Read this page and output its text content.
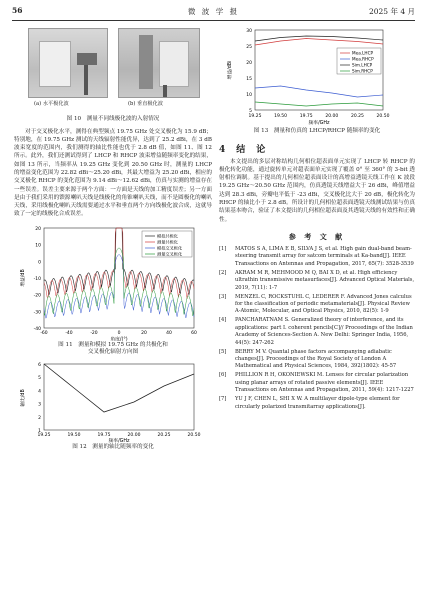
56	微 波 学 报	2025 年 4 月
(a) 水平极化波	(b) 垂直极化波
图 10　测量不同线极化波的入射情况

对于交叉极化水平，测得在典型频点 19.75 GHz 处交叉极化为 15.9 dB；特别地，在 19.75 GHz 测试的天线辐射性能优异，达到了 25.2 dBi，在 3 dB 波束宽度的范围内，我们测得的轴比性能也优于 2.8 dB 值，如图 11、图 12 所示。此外，我们还测试得到了 LHCP 和 RHCP 波束增益随频率变化的结果，如图 13 所示，当频率从 19.25 GHz 变化到 20.50 GHz 时，测量的 LHCP 的增益变化范围为 22.82 dBi～25.20 dBi，其最大增益为 25.20 dBi，相应的交叉极化 RHCP 的变化范围为 9.14 dBi～12.62 dBi，仿真与实测的增益存在一些误差。误差主要来源于两个方面：一方面是天线的加工精度误差；另一方面是由于我们采用的馈源喇叭天线是线极化的角锥喇叭天线，而不是圆极化的喇叭天线，采用线极化喇叭天线需要通过水平和垂直两个方向线极化波合成，这就导致了一定的线极化合成误差。

20
10
0
-10
-20
-30
-40
-60	-40	-20	0	20	40	60
角度/(°)
增益/dB
模拟共极化
测量共极化
模拟交叉极化
测量交叉极化
图 11　测量和模拟 19.75 GHz 的共极化和
交叉极化辐射方向图
6
5
4
3
2
1
19.25	19.50	19.75	20.00	20.25	20.50
频率/GHz
轴比/dB
图 12　测量的轴比随频率的变化
30
25
20
15
10
5
19.25	19.50	19.75	20.00	20.25	20.50
频率/GHz
增益/dBi
Mea.LHCP
Mea.RHCP
Sim.LHCP
Sim.RHCP
图 13　测量和仿真的 LHCP/RHCP 随频率的变化
4　结　论

本文提出的多层对称结构几何相位超表面单元实现了 LHCP 转 RHCP 的极化转化功能，通过旋转单元对超表面单元实现了覆盖 0° 至 360° 的 3-bit 透射相位调制。基于提出的几何相位超表面设计的高增益透镜天线工作在 K 波段 19.25 GHz～20.50 GHz 范围内，仿真透镜天线增益大于 26 dBi，峰值增益达到 28.3 dBi，旁瓣电平低于 -23 dBi，交叉极化比大于 20 dB，极化转化为 RHCP 的轴比小于 2.8 dB。所设计的几何相位超表面透镜天线测试结果与仿真结果基本吻合，验证了本文提出的几何相位超表面及其透镜天线的有效性和正确性。

参 考 文 献

[1] MATOS S A, LIMA E B, SILVA J S, et al. High gain dual-band beam-steering transmit array for satcom terminals at Ka-band[J]. IEEE Transactions on Antennas and Propagation, 2017, 65(7): 3528-3539

[2] AKRAM M R, MEHMOOD M Q, BAI X D, et al. High efficiency ultrathin transmissive metasurfaces[J]. Advanced Optical Materials, 2019, 7(11): 1-7

[3] MENZEL C, ROCKSTUHL C, LEDERER F. Advanced Jones calculus for the classification of periodic metamaterials[J]. Physical Review A-Atomic, Molecular, and Optical Physics, 2010, 82(5): 1-9

[4] PANCHARATNAM S. Generalized theory of interference, and its applications: part I. coherent pencils[C]// Proceedings of the Indian Academy of Sciences-Section A. New Delhi: Springer India, 1956, 44(5): 247-262

[5] BERRY M V. Quantal phase factors accompanying adiabatic changes[J]. Proceedings of the Royal Society of London A Mathematical and Physical Sciences, 1984, 392(1802): 45-57

[6] PHILLION R H, OKONIEWSKI M. Lenses for circular polarization using planar arrays of rotated passive elements[J]. IEEE Transactions on Antennas and Propagation, 2011, 59(4): 1217-1227

[7] YU J F, CHEN L, SHI X W. A multilayer dipole-type element for circularly polarized transmitarray applications[J].
